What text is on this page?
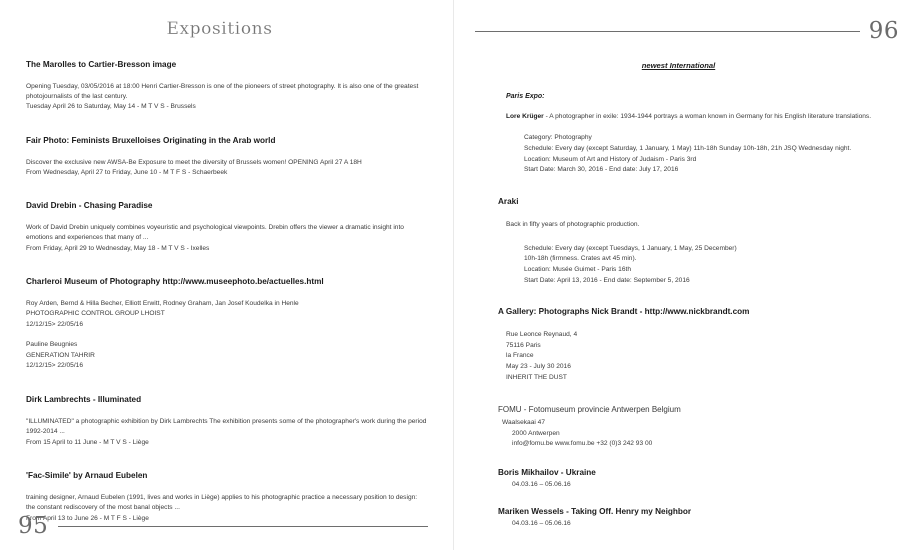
Expositions
The Marolles to Cartier-Bresson image
Opening Tuesday, 03/05/2016 at 18:00 Henri Cartier-Bresson is one of the pioneers of street photography. It is also one of the greatest photojournalists of the last century.
Tuesday April 26 to Saturday, May 14 - M T V S - Brussels
Fair Photo: Feminists Bruxelloises Originating in the Arab world
Discover the exclusive new AWSA-Be Exposure to meet the diversity of Brussels women! OPENING April 27 A 18H
From Wednesday, April 27 to Friday, June 10 - M T F S - Schaerbeek
David Drebin - Chasing Paradise
Work of David Drebin uniquely combines voyeuristic and psychological viewpoints. Drebin offers the viewer a dramatic insight into emotions and experiences that many of ...
From Friday, April 29 to Wednesday, May 18 - M T V S - Ixelles
Charleroi Museum of Photography http://www.museephoto.be/actuelles.html
Roy Arden, Bernd & Hilla Becher, Elliott Erwitt, Rodney Graham, Jan Josef Koudelka in Henle
PHOTOGRAPHIC CONTROL GROUP LHOIST
12/12/15> 22/05/16
Pauline Beugnies
GENERATION TAHRIR
12/12/15> 22/05/16
Dirk Lambrechts - Illuminated
"ILLUMINATED" a photographic exhibition by Dirk Lambrechts The exhibition presents some of the photographer's work during the period 1992-2014 ...
From 15 April to 11 June - M T V S - Liège
'Fac-Simile' by Arnaud Eubelen
training designer, Arnaud Eubelen (1991, lives and works in Liège) applies to his photographic practice a necessary position to design: the constant rediscovery of the most banal objects ...
From April 13 to June 26 - M T F S - Liège
95
96
newest International
Paris Expo:
Lore Krüger - A photographer in exile: 1934-1944 portrays a woman known in Germany for his English literature translations.
Category: Photography
Schedule: Every day (except Saturday, 1 January, 1 May) 11h-18h Sunday 10h-18h, 21h JSQ Wednesday night.
Location: Museum of Art and History of Judaism - Paris 3rd
Start Date: March 30, 2016 - End date: July 17, 2016
Araki
Back in fifty years of photographic production.
Schedule: Every day (except Tuesdays, 1 January, 1 May, 25 December)
10h-18h (firmness. Crates avt 45 min).
Location: Musée Guimet - Paris 16th
Start Date: April 13, 2016 - End date: September 5, 2016
A Gallery: Photographs Nick Brandt - http://www.nickbrandt.com
Rue Leonce Reynaud, 4
75116 Paris
la France
May 23 - July 30 2016
INHERIT THE DUST
FOMU - Fotomuseum provincie Antwerpen Belgium
Waalsekaai 47
2000 Antwerpen
info@fomu.be www.fomu.be +32 (0)3 242 93 00
Boris Mikhailov - Ukraine
04.03.16 – 05.06.16
Mariken Wessels - Taking Off. Henry my Neighbor
04.03.16 – 05.06.16
